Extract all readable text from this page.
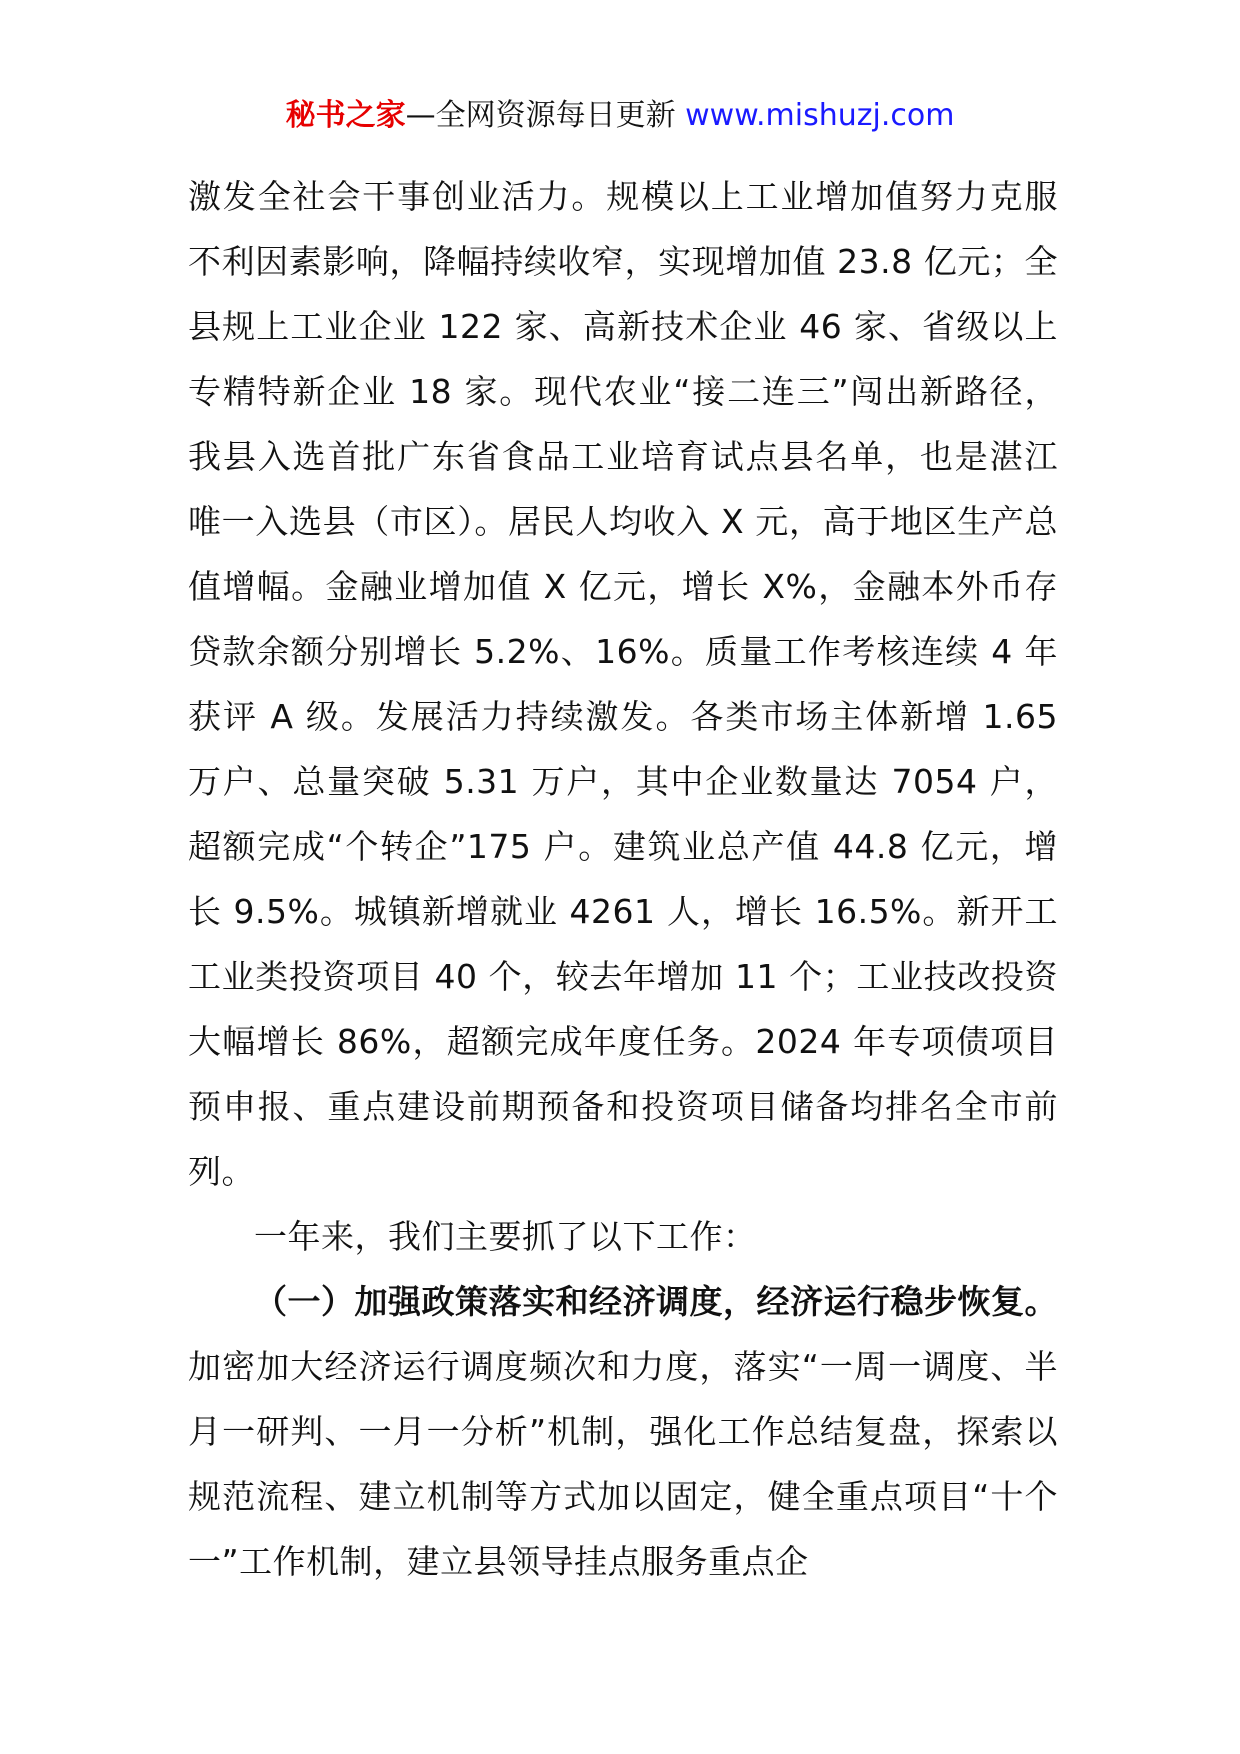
秘书之家—全网资源每日更新 www.mishuzj.com

激发全社会干事创业活力。规模以上工业增加值努力克服不利因素影响，降幅持续收窄，实现增加值 23.8 亿元；全县规上工业企业 122 家、高新技术企业 46 家、省级以上专精特新企业 18 家。现代农业“接二连三”闯出新路径，我县入选首批广东省食品工业培育试点县名单，也是湛江唯一入选县（市区）。居民人均收入 X 元，高于地区生产总值增幅。金融业增加值 X 亿元，增长 X%，金融本外币存贷款余额分别增长 5.2%、16%。质量工作考核连续 4 年获评 A 级。发展活力持续激发。各类市场主体新增 1.65 万户、总量突破 5.31 万户，其中企业数量达 7054 户，超额完成“个转企”175 户。建筑业总产值 44.8 亿元，增长 9.5%。城镇新增就业 4261 人，增长 16.5%。新开工工业类投资项目 40 个，较去年增加 11 个；工业技改投资大幅增长 86%，超额完成年度任务。2024 年专项债项目预申报、重点建设前期预备和投资项目储备均排名全市前列。

一年来，我们主要抓了以下工作：

（一）加强政策落实和经济调度，经济运行稳步恢复。加密加大经济运行调度频次和力度，落实“一周一调度、半月一研判、一月一分析”机制，强化工作总结复盘，探索以规范流程、建立机制等方式加以固定，健全重点项目“十个一”工作机制，建立县领导挂点服务重点企
